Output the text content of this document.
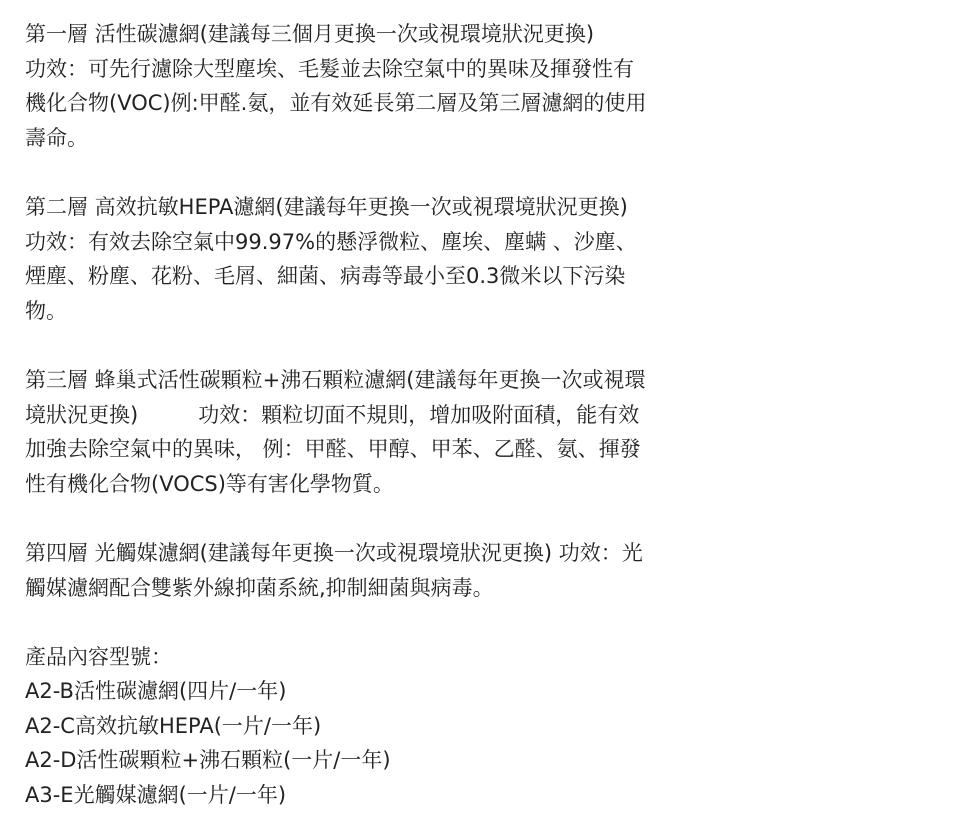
第一層 活性碳濾網(建議每三個月更換一次或視環境狀況更換)
功效：可先行濾除大型塵埃、毛髮並去除空氣中的異味及揮發性有
機化合物(VOC)例:甲醛.氨，並有效延長第二層及第三層濾網的使用
壽命。
第二層 高效抗敏HEPA濾網(建議每年更換一次或視環境狀況更換)
功效：有效去除空氣中99.97%的懸浮微粒、塵埃、塵螨 、沙塵、
煙塵、粉塵、花粉、毛屑、細菌、病毒等最小至0.3微米以下污染
物。
第三層 蜂巢式活性碳顆粒+沸石顆粒濾網(建議每年更換一次或視環
境狀況更換)         功效：顆粒切面不規則，增加吸附面積，能有效
加強去除空氣中的異味， 例：甲醛、甲醇、甲苯、乙醛、氨、揮發
性有機化合物(VOCS)等有害化學物質。
第四層 光觸媒濾網(建議每年更換一次或視環境狀況更換) 功效：光
觸媒濾網配合雙紫外線抑菌系統,抑制細菌與病毒。
產品內容型號：
A2-B活性碳濾網(四片/一年)
A2-C高效抗敏HEPA(一片/一年)
A2-D活性碳顆粒+沸石顆粒(一片/一年)
A3-E光觸媒濾網(一片/一年)
